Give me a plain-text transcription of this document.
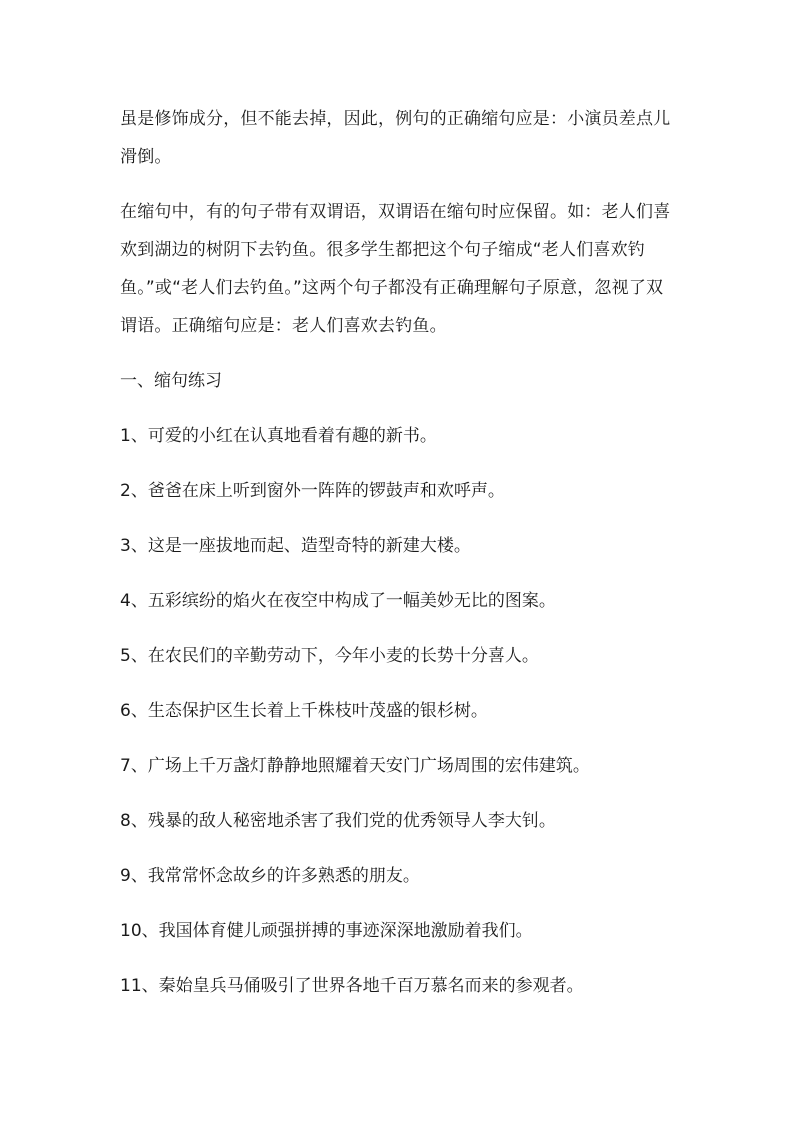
虽是修饰成分，但不能去掉，因此，例句的正确缩句应是：小演员差点儿滑倒。

在缩句中，有的句子带有双谓语，双谓语在缩句时应保留。如：老人们喜欢到湖边的树阴下去钓鱼。很多学生都把这个句子缩成“老人们喜欢钓鱼。”或“老人们去钓鱼。”这两个句子都没有正确理解句子原意，忽视了双谓语。正确缩句应是：老人们喜欢去钓鱼。

一、缩句练习

1、可爱的小红在认真地看着有趣的新书。

2、爸爸在床上听到窗外一阵阵的锣鼓声和欢呼声。

3、这是一座拔地而起、造型奇特的新建大楼。

4、五彩缤纷的焰火在夜空中构成了一幅美妙无比的图案。

5、在农民们的辛勤劳动下，今年小麦的长势十分喜人。

6、生态保护区生长着上千株枝叶茂盛的银杉树。

7、广场上千万盏灯静静地照耀着天安门广场周围的宏伟建筑。

8、残暴的敌人秘密地杀害了我们党的优秀领导人李大钊。

9、我常常怀念故乡的许多熟悉的朋友。

10、我国体育健儿顽强拼搏的事迹深深地激励着我们。

11、秦始皇兵马俑吸引了世界各地千百万慕名而来的参观者。
